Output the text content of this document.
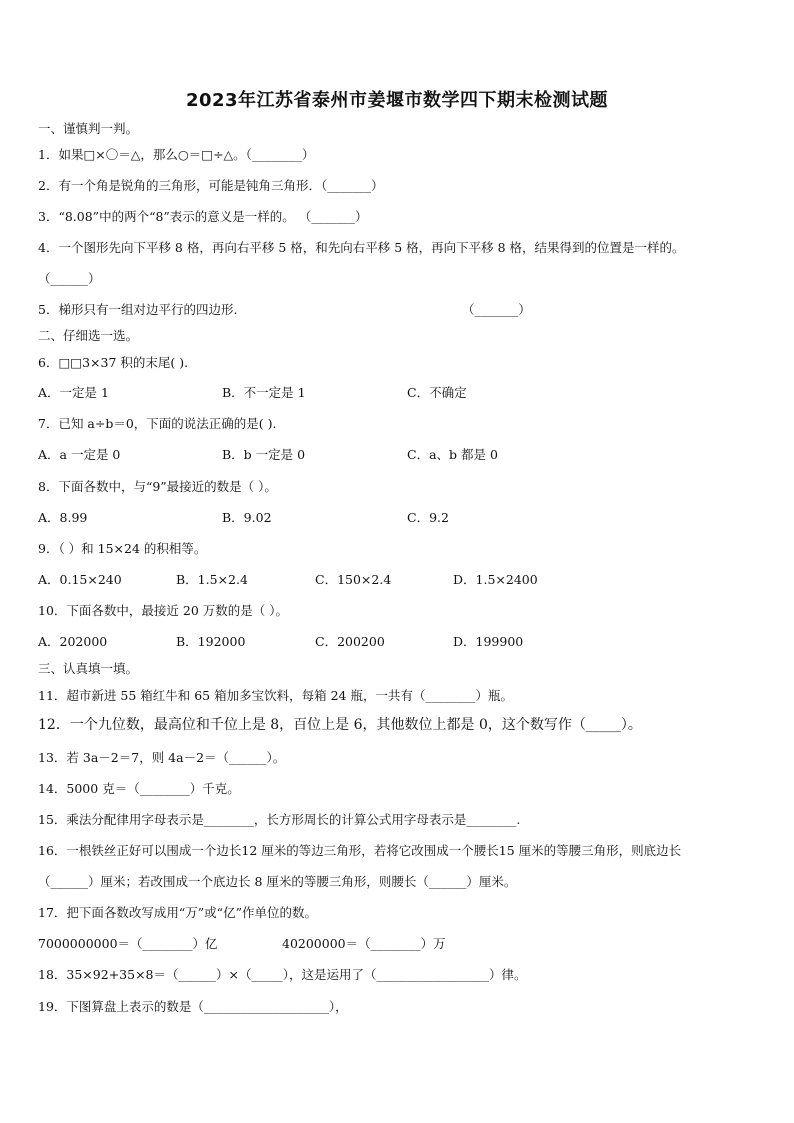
2023年江苏省泰州市姜堰市数学四下期末检测试题
一、谨慎判一判。
1．如果□×〇＝△，那么○＝□÷△。（________）
2．有一个角是锐角的三角形，可能是钝角三角形．（_______）
3．“8.08”中的两个“8”表示的意义是一样的。 （_______）
4．一个图形先向下平移 8 格，再向右平移 5 格，和先向右平移 5 格，再向下平移 8 格，结果得到的位置是一样的。
（______）
5．梯形只有一组对边平行的四边形.	（_______）
二、仔细选一选。
6．□□3×37 积的末尾( ).
A．一定是 1	B．不一定是 1	C．不确定
7．已知 a÷b＝0，下面的说法正确的是( ).
A．a 一定是 0	B．b 一定是 0	C．a、b 都是 0
8．下面各数中，与“9”最接近的数是（ ）。
A．8.99	B．9.02	C．9.2
9．（ ）和 15×24 的积相等。
A．0.15×240	B．1.5×2.4	C．150×2.4	D．1.5×2400
10．下面各数中，最接近 20 万数的是（ ）。
A．202000	B．192000	C．200200	D．199900
三、认真填一填。
11．超市新进 55 箱红牛和 65 箱加多宝饮料，每箱 24 瓶，一共有（________）瓶。
12．一个九位数，最高位和千位上是 8，百位上是 6，其他数位上都是 0，这个数写作（_____）。
13．若 3a－2＝7，则 4a－2＝（______）。
14．5000 克＝（________）千克。
15．乘法分配律用字母表示是________，长方形周长的计算公式用字母表示是________.
16．一根铁丝正好可以围成一个边长12 厘米的等边三角形，若将它改围成一个腰长15 厘米的等腰三角形，则底边长
（______）厘米；若改围成一个底边长 8 厘米的等腰三角形，则腰长（______）厘米。
17．把下面各数改写成用“万”或“亿”作单位的数。
7000000000＝（________）亿	40200000＝（________）万
18．35×92+35×8＝（______）×（_____），这是运用了（__________________）律。
19．下图算盘上表示的数是（____________________），
